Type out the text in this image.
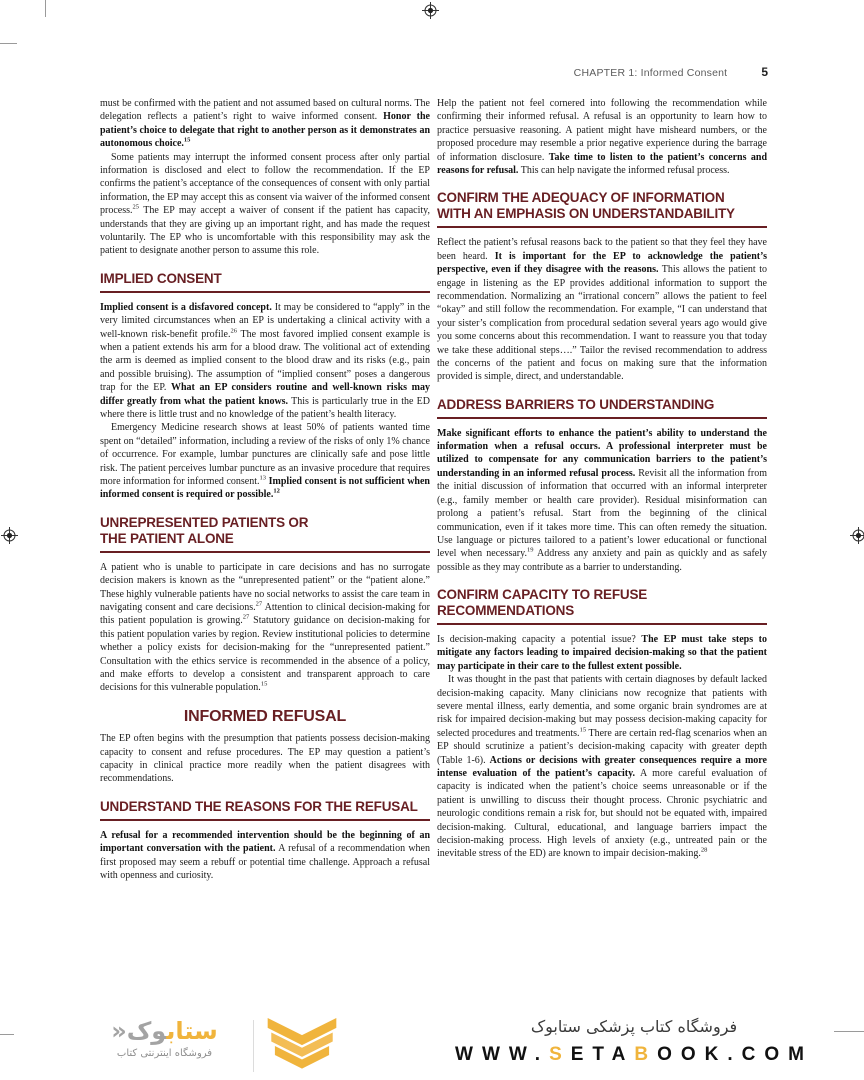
CHAPTER 1: Informed Consent	5

must be confirmed with the patient and not assumed based on cultural norms. The delegation reflects a patient’s right to waive informed consent. Honor the patient’s choice to delegate that right to another person as it demonstrates an autonomous choice.$^{15}$

Some patients may interrupt the informed consent process after only partial information is disclosed and elect to follow the recommendation. If the EP confirms the patient’s acceptance of the consequences of consent with only partial information, the EP may accept this as consent via waiver of the informed consent process.$^{25}$ The EP may accept a waiver of consent if the patient has capacity, understands that they are giving up an important right, and has made the request voluntarily. The EP who is uncomfortable with this responsibility may ask the patient to designate another person to assume this role.

IMPLIED CONSENT

Implied consent is a disfavored concept. It may be considered to “apply” in the very limited circumstances when an EP is undertaking a clinical activity with a well-known risk-benefit profile.$^{26}$ The most favored implied consent example is when a patient extends his arm for a blood draw. The volitional act of extending the arm is deemed as implied consent to the blood draw and its risks (e.g., pain and possible bruising). The assumption of “implied consent” poses a dangerous trap for the EP. What an EP considers routine and well-known risks may differ greatly from what the patient knows. This is particularly true in the ED where there is little trust and no knowledge of the patient’s health literacy.

Emergency Medicine research shows at least 50% of patients wanted time spent on “detailed” information, including a review of the risks of only 1% chance of occurrence. For example, lumbar punctures are clinically safe and pose little risk. The patient perceives lumbar puncture as an invasive procedure that requires more information for informed consent.$^{13}$ Implied consent is not sufficient when informed consent is required or possible.$^{12}$

UNREPRESENTED PATIENTS OR
THE PATIENT ALONE

A patient who is unable to participate in care decisions and has no surrogate decision makers is known as the “unrepresented patient” or the “patient alone.” These highly vulnerable patients have no social networks to assist the care team in navigating consent and care decisions.$^{27}$ Attention to clinical decision-making for this patient population is growing.$^{27}$ Statutory guidance on decision-making for this patient population varies by region. Review institutional policies to determine whether a policy exists for decision-making for the “unrepresented patient.” Consultation with the ethics service is recommended in the absence of a policy, and make efforts to develop a consistent and transparent approach to care decisions for this vulnerable population.$^{15}$

INFORMED REFUSAL

The EP often begins with the presumption that patients possess decision-making capacity to consent and refuse procedures. The EP may question a patient’s capacity in clinical practice more readily when the patient disagrees with recommendations.

UNDERSTAND THE REASONS FOR THE REFUSAL

A refusal for a recommended intervention should be the beginning of an important conversation with the patient. A refusal of a recommendation when first proposed may seem a rebuff or potential time challenge. Approach a refusal with openness and curiosity.

Help the patient not feel cornered into following the recommendation while confirming their informed refusal. A refusal is an opportunity to learn how to practice persuasive reasoning. A patient might have misheard numbers, or the proposed procedure may resemble a prior negative experience during the barrage of information disclosure. Take time to listen to the patient’s concerns and reasons for refusal. This can help navigate the informed refusal process.

CONFIRM THE ADEQUACY OF INFORMATION
WITH AN EMPHASIS ON UNDERSTANDABILITY

Reflect the patient’s refusal reasons back to the patient so that they feel they have been heard. It is important for the EP to acknowledge the patient’s perspective, even if they disagree with the reasons. This allows the patient to engage in listening as the EP provides additional information to support the recommendation. Normalizing an “irrational concern” allows the patient to feel “okay” and still follow the recommendation. For example, “I can understand that your sister’s complication from procedural sedation several years ago would give you some concerns about this recommendation. I want to reassure you that today we take these additional steps….” Tailor the revised recommendation to address the concerns of the patient and focus on making sure that the information provided is simple, direct, and understandable.

ADDRESS BARRIERS TO UNDERSTANDING

Make significant efforts to enhance the patient’s ability to understand the information when a refusal occurs. A professional interpreter must be utilized to compensate for any communication barriers to the patient’s understanding in an informed refusal process. Revisit all the information from the initial discussion of information that occurred with an informal interpreter (e.g., family member or health care provider). Residual misinformation can prolong a patient’s refusal. Start from the beginning of the clinical communication, even if it takes more time. This can often remedy the situation. Use language or pictures tailored to a patient’s lower educational or functional level when necessary.$^{19}$ Address any anxiety and pain as quickly and as safely possible as they may contribute as a barrier to understanding.

CONFIRM CAPACITY TO REFUSE
RECOMMENDATIONS

Is decision-making capacity a potential issue? The EP must take steps to mitigate any factors leading to impaired decision-making so that the patient may participate in their care to the fullest extent possible.

It was thought in the past that patients with certain diagnoses by default lacked decision-making capacity. Many clinicians now recognize that patients with severe mental illness, early dementia, and some organic brain syndromes are at risk for impaired decision-making but may possess decision-making capacity for selected procedures and treatments.$^{15}$ There are certain red-flag scenarios when an EP should scrutinize a patient’s decision-making capacity with greater depth (Table 1-6). Actions or decisions with greater consequences require a more intense evaluation of the patient’s capacity. A more careful evaluation of capacity is indicated when the patient’s choice seems unreasonable or if the patient is unwilling to discuss their thought process. Chronic psychiatric and neurologic conditions remain a risk for, but should not be equated with, impaired decision-making. Cultural, educational, and language barriers impact the decision-making process. High levels of anxiety (e.g., untreated pain or the inevitable stress of the ED) are known to impair decision-making.$^{28}$

ستابوک«
فروشگاه اینترنتی کتاب
فروشگاه کتاب پزشکی ستابوک
WWW.SETABOOK.COM
